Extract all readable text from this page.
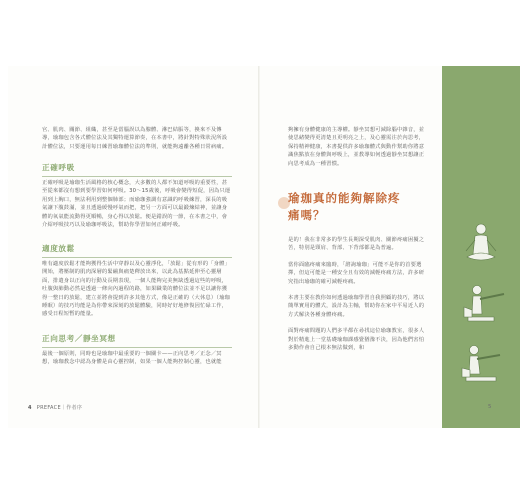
官、肌肉、關節、組織，甚至是當腦誤以為腺體、淋巴結脹等，換來不及傳導，瑜珈包含各式體位法及其獨特運算節奏，在本書中，將針對特殊狀況所設計體位法，只要運用每日練習瑜珈體位法的準則，就能夠遠離各種日常病痛。

正確呼吸

正確呼吸是瑜珈生活風格的核心概念，大多數的人都不知道呼吸的重要性，甚至從來都沒有想到要學習如何呼吸。30～15歲後，呼吸會變得短促，因為只運用到上胸口，無法利用到整個肺部；而瑜珈強調有意識的呼吸練習，深長的吸氣讓下腹鼓滿，並且透過緩慢呼氣而把，把另一方面可以最鍛煉結神，並讓身體的氧氣能流動得更順暢，身心得以放鬆。便是錯誤的一節，在本書之中，會介紹呼吸技巧以及瑜珈呼吸法，幫助你學習如何正確呼吸。

適度放鬆

唯有適度放鬆才能夠獲得生活中穿靜以及心靈淨化，「放鬆」從有形的「身體」開始，將壓制的肌肉深層的緊繃與痛楚釋放出來，以此為基點延伸至心靈層面，排遣身以正向的行動及長期表現，一個人能夠完美無缺透過這些的呼吸，吐腹與肺動必然是透過一條向內過程的路，如果職業的體位法並不足以讓你獲得一整日的放鬆，建立並將會提到許多其他方式，像是正確的（大休息）（瑜珈睡眠）的技巧均能是為你帶來深刻的放鬆體驗，同時好好地修復因忙碌工作，感受日程短暫的能量。

正向思考／靜坐冥想

最後一個原則，同時也是瑜珈中最重要的一個關卡——正向思考／正念／冥想，瑜珈教念中認為身體是由心靈控制，如果一個人能夠控制心靈，也就能

4 PREFACE｜作者序

夠擁有身體健康的主導權。靜坐冥想可減除腦中雜音，並使思緒變得更清楚且更明亮之上，及心靈需注於內思考，保持精神健康，本書提供許多瑜珈體式與動作幫助你將意識焦點放在身體與呼吸上，並教導如何透過靜坐冥想讓正向思考成為一種習慣。

瑜珈真的能夠解除疼痛嗎？

是的！我在非常多的學生長期深受肌肉、關節疼痛困擾之苦，特別是頸肩、背部、下背部都是為普遍。

當你面臨疼痛來臨時，「諮詢瑜珈」可能不是你的首要選擇，但這可能是一種安全且有效的減輕疼痛方法，許多研究指出瑜珈的確可減輕疼痛。

本書主要在教你如何透過瑜珈學習自我照顧的技巧，將以簡單實用的體式，設計為主軸，幫助你在家中平易近人的方式解決各種身體疼痛。

面對疼痛問題的人們多半都在尋找這位瑜珈教室，很多人對於精進上一堂基礎瑜珈課感覺猶豫不決，因為他們害怕多動作會自己根本無法做到，和

5
